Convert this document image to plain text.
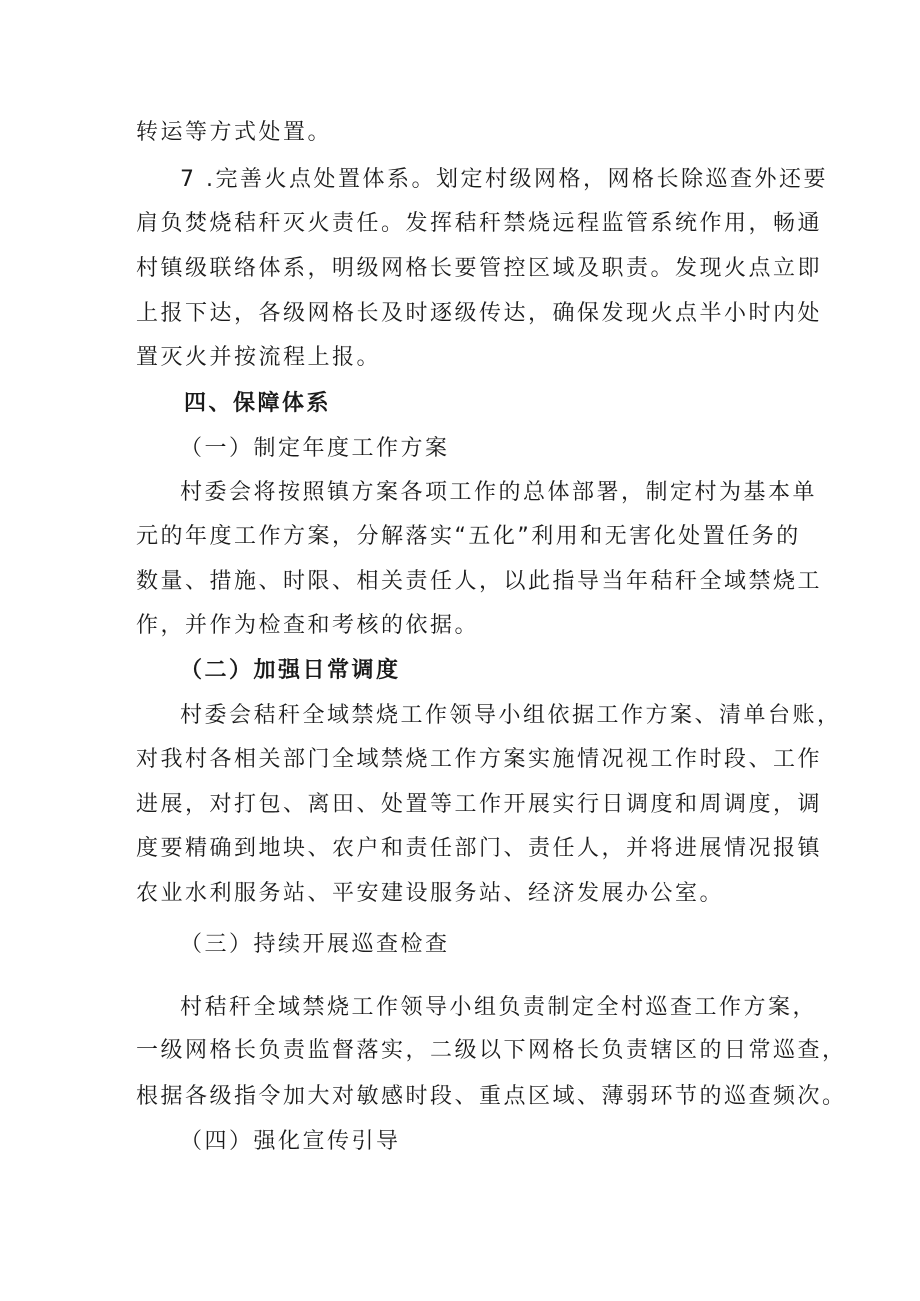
转运等方式处置。
7 .完善火点处置体系。划定村级网格，网格长除巡查外还要
肩负焚烧秸秆灭火责任。发挥秸秆禁烧远程监管系统作用，畅通
村镇级联络体系，明级网格长要管控区域及职责。发现火点立即
上报下达，各级网格长及时逐级传达，确保发现火点半小时内处
置灭火并按流程上报。
四、保障体系
（一）制定年度工作方案
村委会将按照镇方案各项工作的总体部署，制定村为基本单
元的年度工作方案，分解落实“五化”利用和无害化处置任务的
数量、措施、时限、相关责任人，以此指导当年秸秆全域禁烧工
作，并作为检查和考核的依据。
（二）加强日常调度
村委会秸秆全域禁烧工作领导小组依据工作方案、清单台账，
对我村各相关部门全域禁烧工作方案实施情况视工作时段、工作
进展，对打包、离田、处置等工作开展实行日调度和周调度，调
度要精确到地块、农户和责任部门、责任人，并将进展情况报镇
农业水利服务站、平安建设服务站、经济发展办公室。
（三）持续开展巡查检查
村秸秆全域禁烧工作领导小组负责制定全村巡查工作方案，
一级网格长负责监督落实，二级以下网格长负责辖区的日常巡查，
根据各级指令加大对敏感时段、重点区域、薄弱环节的巡查频次。
（四）强化宣传引导
